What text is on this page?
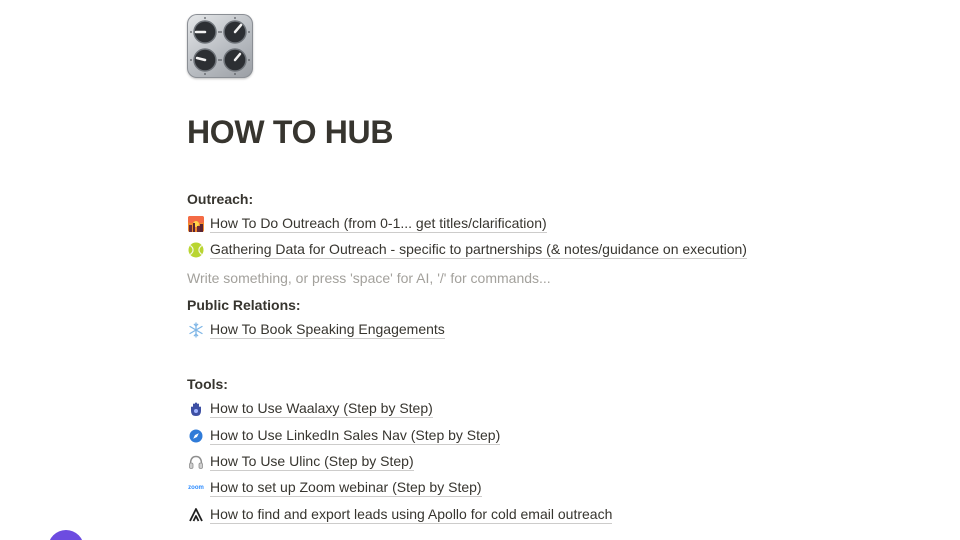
HOW TO HUB
Outreach:
How To Do Outreach (from 0-1... get titles/clarification)
Gathering Data for Outreach - specific to partnerships (& notes/guidance on execution)
Write something, or press 'space' for AI, '/' for commands...
Public Relations:
How To Book Speaking Engagements
Tools:
How to Use Waalaxy (Step by Step)
How to Use LinkedIn Sales Nav (Step by Step)
How To Use Ulinc (Step by Step)
zoom How to set up Zoom webinar (Step by Step)
How to find and export leads using Apollo for cold email outreach
